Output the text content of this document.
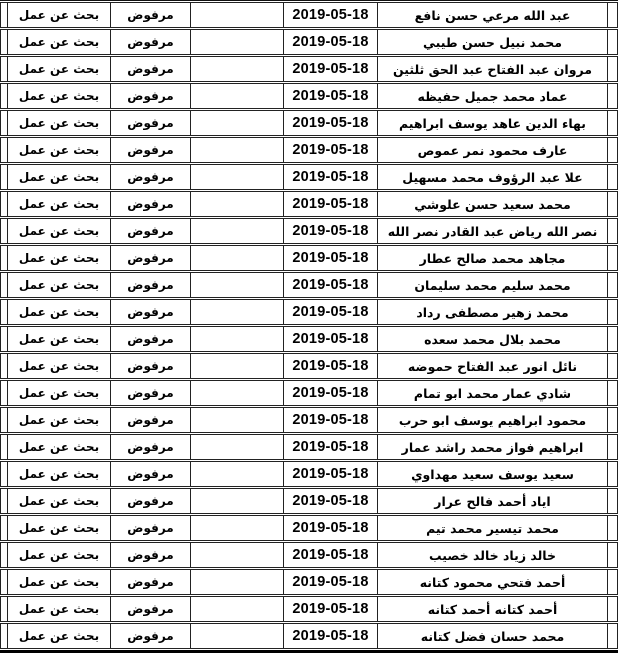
بحث عن عمل	مرفوض	2019-05-18	عبد الله مرعي حسن نافع
بحث عن عمل	مرفوض	2019-05-18	محمد نبيل حسن طيبي
بحث عن عمل	مرفوض	2019-05-18	مروان عبد الفتاح عبد الحق ثلثين
بحث عن عمل	مرفوض	2019-05-18	عماد محمد جميل حفيظه
بحث عن عمل	مرفوض	2019-05-18	بهاء الدين عاهد يوسف ابراهيم
بحث عن عمل	مرفوض	2019-05-18	عارف محمود نمر عموص
بحث عن عمل	مرفوض	2019-05-18	علا عبد الرؤوف محمد مسهيل
بحث عن عمل	مرفوض	2019-05-18	محمد سعيد حسن علوشي
بحث عن عمل	مرفوض	2019-05-18	نصر الله رياض عبد القادر نصر الله
بحث عن عمل	مرفوض	2019-05-18	مجاهد محمد صالح عطار
بحث عن عمل	مرفوض	2019-05-18	محمد سليم محمد سليمان
بحث عن عمل	مرفوض	2019-05-18	محمد زهير مصطفى رداد
بحث عن عمل	مرفوض	2019-05-18	محمد بلال محمد سعده
بحث عن عمل	مرفوض	2019-05-18	نائل انور عبد الفتاح حموضه
بحث عن عمل	مرفوض	2019-05-18	شادي عمار محمد ابو تمام
بحث عن عمل	مرفوض	2019-05-18	محمود ابراهيم يوسف ابو حرب
بحث عن عمل	مرفوض	2019-05-18	ابراهيم فواز محمد راشد عمار
بحث عن عمل	مرفوض	2019-05-18	سعيد يوسف سعيد مهداوي
بحث عن عمل	مرفوض	2019-05-18	اياد أحمد فالح عرار
بحث عن عمل	مرفوض	2019-05-18	محمد تيسير محمد تيم
بحث عن عمل	مرفوض	2019-05-18	خالد زياد خالد خصيب
بحث عن عمل	مرفوض	2019-05-18	أحمد فتحي محمود كتانه
بحث عن عمل	مرفوض	2019-05-18	أحمد كتانه أحمد كتانه
بحث عن عمل	مرفوض	2019-05-18	محمد حسان فضل كتانه
